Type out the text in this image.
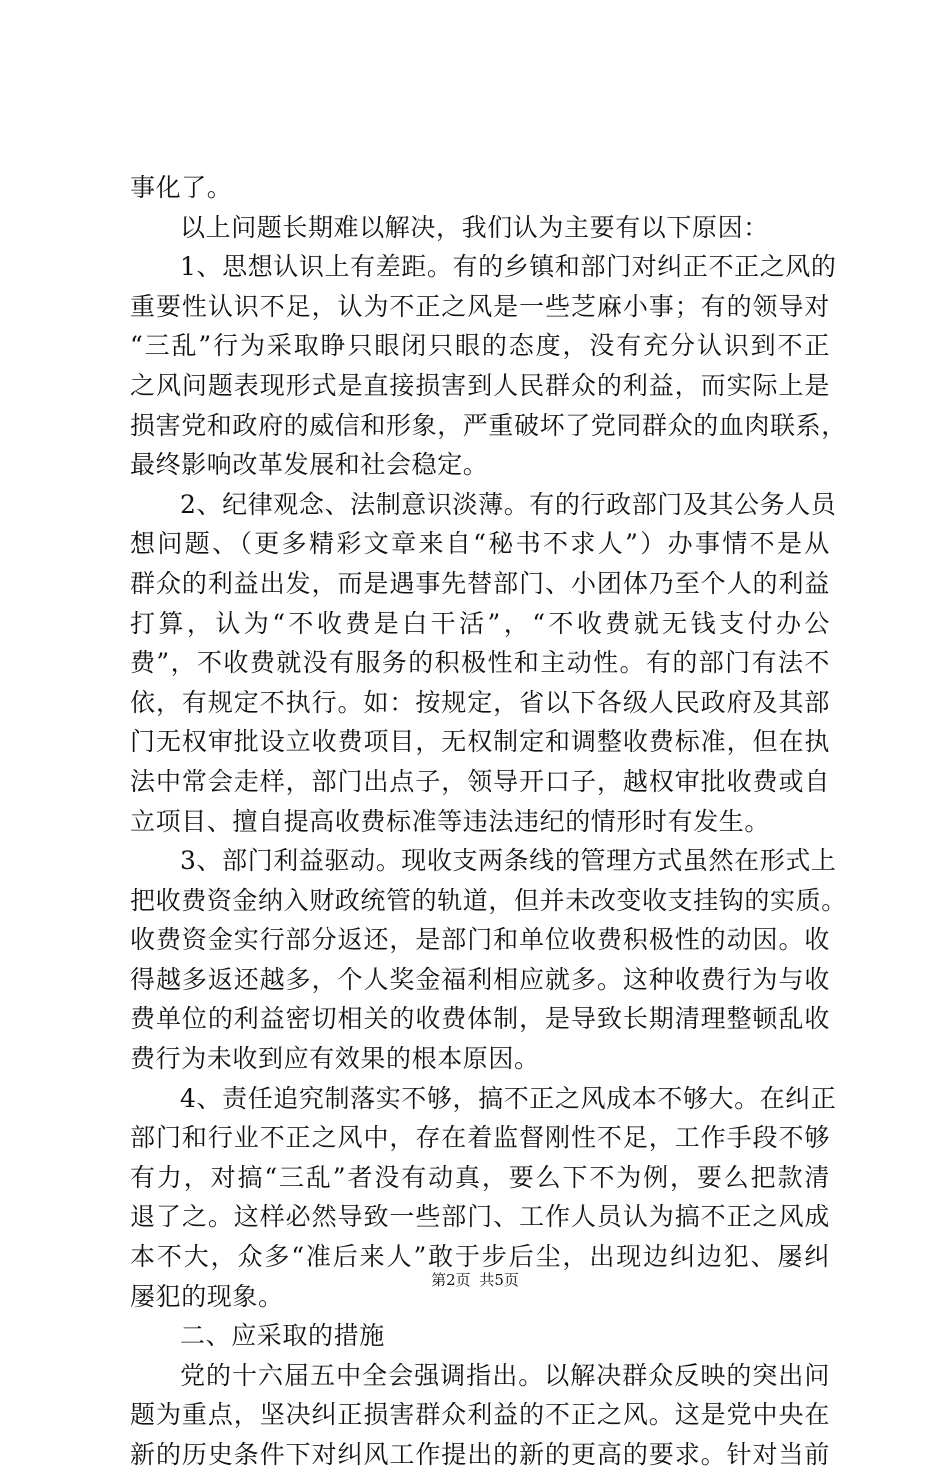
事化了。
以上问题长期难以解决，我们认为主要有以下原因：
1、思想认识上有差距。有的乡镇和部门对纠正不正之风的
重要性认识不足，认为不正之风是一些芝麻小事；有的领导对
“三乱”行为采取睁只眼闭只眼的态度，没有充分认识到不正
之风问题表现形式是直接损害到人民群众的利益，而实际上是
损害党和政府的威信和形象，严重破坏了党同群众的血肉联系，
最终影响改革发展和社会稳定。
2、纪律观念、法制意识淡薄。有的行政部门及其公务人员
想问题、（更多精彩文章来自“秘书不求人”）办事情不是从
群众的利益出发，而是遇事先替部门、小团体乃至个人的利益
打算，认为“不收费是白干活”，“不收费就无钱支付办公
费”，不收费就没有服务的积极性和主动性。有的部门有法不
依，有规定不执行。如：按规定，省以下各级人民政府及其部
门无权审批设立收费项目，无权制定和调整收费标准，但在执
法中常会走样，部门出点子，领导开口子，越权审批收费或自
立项目、擅自提高收费标准等违法违纪的情形时有发生。
3、部门利益驱动。现收支两条线的管理方式虽然在形式上
把收费资金纳入财政统管的轨道，但并未改变收支挂钩的实质。
收费资金实行部分返还，是部门和单位收费积极性的动因。收
得越多返还越多，个人奖金福利相应就多。这种收费行为与收
费单位的利益密切相关的收费体制，是导致长期清理整顿乱收
费行为未收到应有效果的根本原因。
4、责任追究制落实不够，搞不正之风成本不够大。在纠正
部门和行业不正之风中，存在着监督刚性不足，工作手段不够
有力，对搞“三乱”者没有动真，要么下不为例，要么把款清
退了之。这样必然导致一些部门、工作人员认为搞不正之风成
本不大，众多“准后来人”敢于步后尘，出现边纠边犯、屡纠
屡犯的现象。
二、应采取的措施
党的十六届五中全会强调指出。以解决群众反映的突出问
题为重点，坚决纠正损害群众利益的不正之风。这是党中央在
新的历史条件下对纠风工作提出的新的更高的要求。针对当前
第2页 共5页
